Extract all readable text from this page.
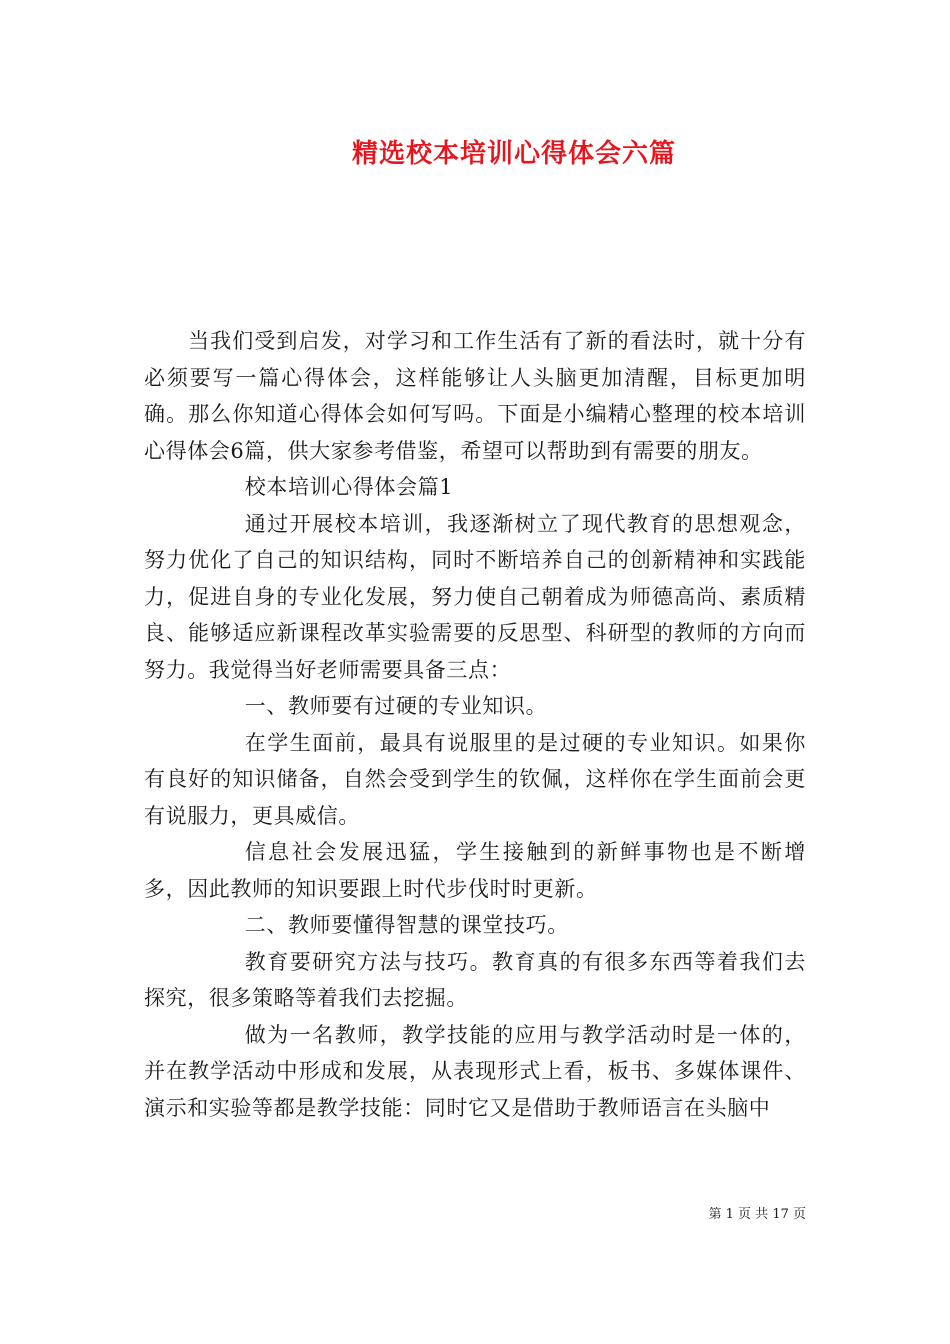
精选校本培训心得体会六篇

当我们受到启发，对学习和工作生活有了新的看法时，就十分有必须要写一篇心得体会，这样能够让人头脑更加清醒，目标更加明确。那么你知道心得体会如何写吗。下面是小编精心整理的校本培训心得体会6篇，供大家参考借鉴，希望可以帮助到有需要的朋友。

校本培训心得体会篇1

通过开展校本培训，我逐渐树立了现代教育的思想观念，努力优化了自己的知识结构，同时不断培养自己的创新精神和实践能力，促进自身的专业化发展，努力使自己朝着成为师德高尚、素质精良、能够适应新课程改革实验需要的反思型、科研型的教师的方向而努力。我觉得当好老师需要具备三点：

一、教师要有过硬的专业知识。

在学生面前，最具有说服里的是过硬的专业知识。如果你有良好的知识储备，自然会受到学生的钦佩，这样你在学生面前会更有说服力，更具威信。

信息社会发展迅猛，学生接触到的新鲜事物也是不断增多，因此教师的知识要跟上时代步伐时时更新。

二、教师要懂得智慧的课堂技巧。

教育要研究方法与技巧。教育真的有很多东西等着我们去探究，很多策略等着我们去挖掘。

做为一名教师，教学技能的应用与教学活动时是一体的，并在教学活动中形成和发展，从表现形式上看，板书、多媒体课件、演示和实验等都是教学技能：同时它又是借助于教师语言在头脑中

第 1 页 共 17 页
